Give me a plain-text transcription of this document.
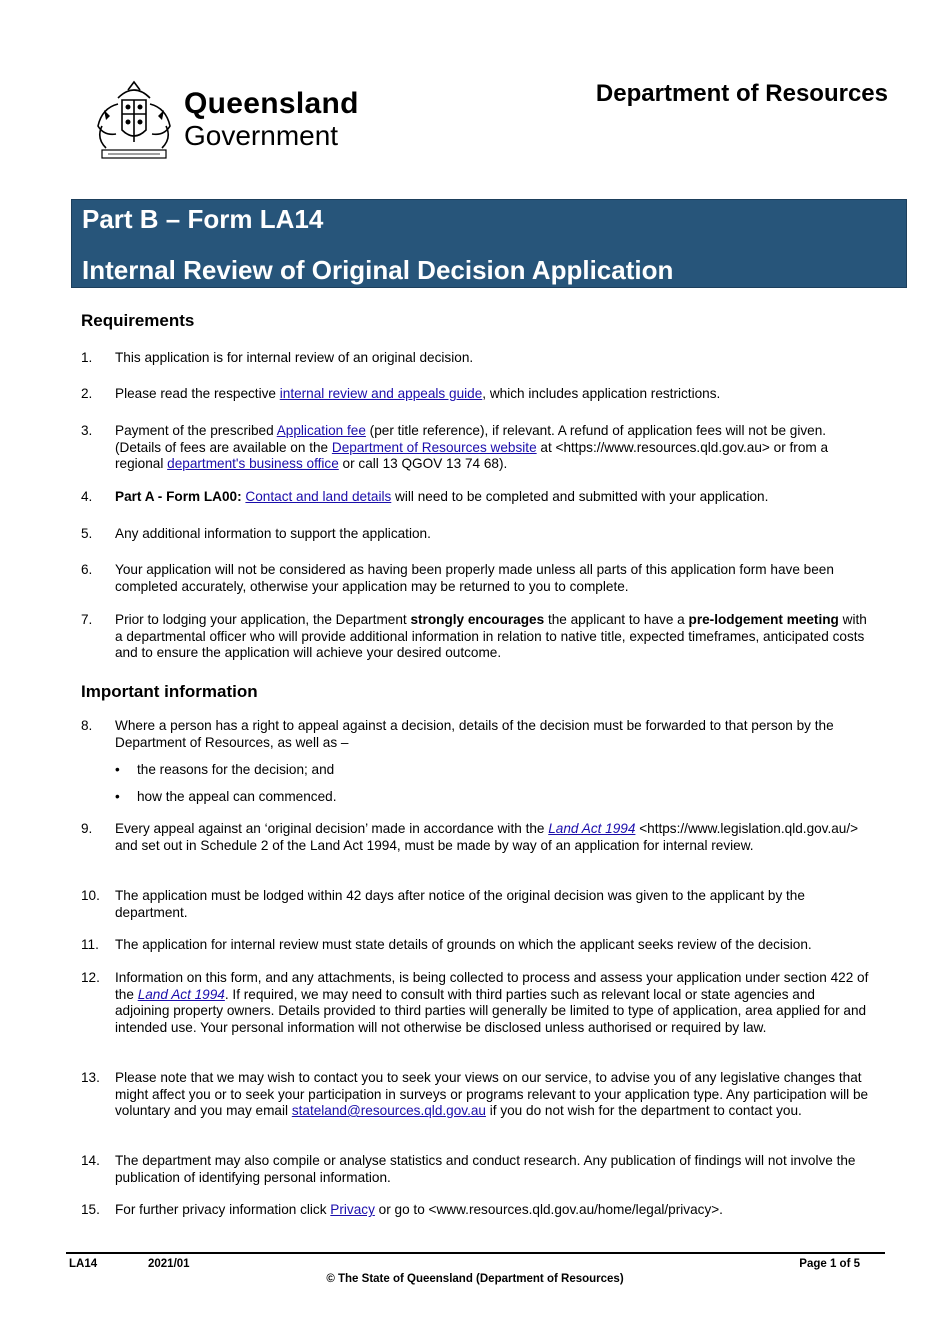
Queensland
Government
Department of Resources
Part B – Form LA14
Internal Review of Original Decision Application
Requirements
1. This application is for internal review of an original decision.
2. Please read the respective internal review and appeals guide, which includes application restrictions.
3. Payment of the prescribed Application fee (per title reference), if relevant. A refund of application fees will not be given. (Details of fees are available on the Department of Resources website at <https://www.resources.qld.gov.au> or from a regional department's business office or call 13 QGOV 13 74 68).
4. Part A - Form LA00: Contact and land details will need to be completed and submitted with your application.
5. Any additional information to support the application.
6. Your application will not be considered as having been properly made unless all parts of this application form have been completed accurately, otherwise your application may be returned to you to complete.
7. Prior to lodging your application, the Department strongly encourages the applicant to have a pre-lodgement meeting with a departmental officer who will provide additional information in relation to native title, expected timeframes, anticipated costs and to ensure the application will achieve your desired outcome.
Important information
8. Where a person has a right to appeal against a decision, details of the decision must be forwarded to that person by the Department of Resources, as well as –
• the reasons for the decision; and
• how the appeal can commenced.
9. Every appeal against an ‘original decision’ made in accordance with the Land Act 1994 <https://www.legislation.qld.gov.au/> and set out in Schedule 2 of the Land Act 1994, must be made by way of an application for internal review.
10. The application must be lodged within 42 days after notice of the original decision was given to the applicant by the department.
11. The application for internal review must state details of grounds on which the applicant seeks review of the decision.
12. Information on this form, and any attachments, is being collected to process and assess your application under section 422 of the Land Act 1994. If required, we may need to consult with third parties such as relevant local or state agencies and adjoining property owners. Details provided to third parties will generally be limited to type of application, area applied for and intended use. Your personal information will not otherwise be disclosed unless authorised or required by law.
13. Please note that we may wish to contact you to seek your views on our service, to advise you of any legislative changes that might affect you or to seek your participation in surveys or programs relevant to your application type. Any participation will be voluntary and you may email stateland@resources.qld.gov.au if you do not wish for the department to contact you.
14. The department may also compile or analyse statistics and conduct research. Any publication of findings will not involve the publication of identifying personal information.
15. For further privacy information click Privacy or go to <www.resources.qld.gov.au/home/legal/privacy>.
LA14	2021/01	Page 1 of 5
© The State of Queensland (Department of Resources)
